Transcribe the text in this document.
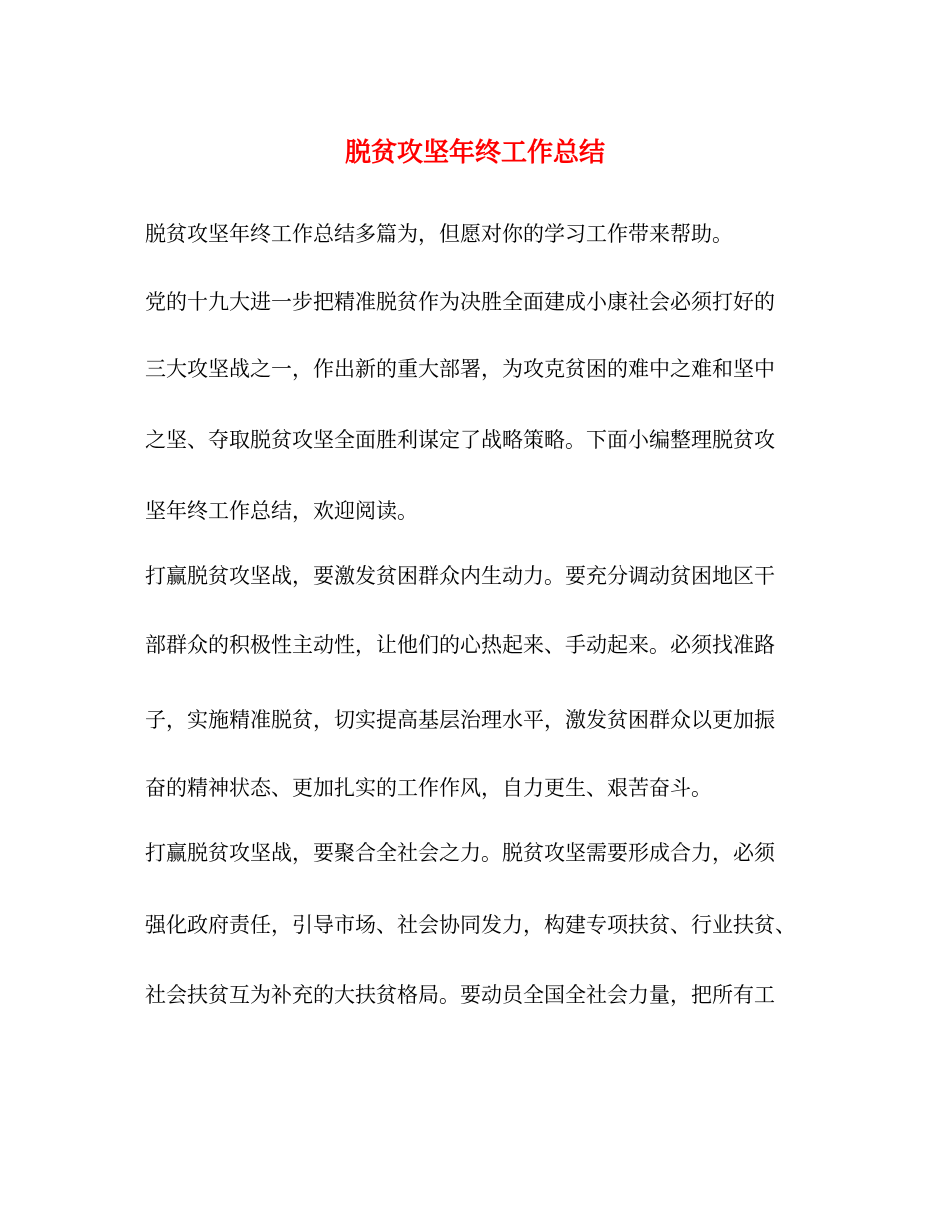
脱贫攻坚年终工作总结
脱贫攻坚年终工作总结多篇为，但愿对你的学习工作带来帮助。
党的十九大进一步把精准脱贫作为决胜全面建成小康社会必须打好的
三大攻坚战之一，作出新的重大部署，为攻克贫困的难中之难和坚中
之坚、夺取脱贫攻坚全面胜利谋定了战略策略。下面小编整理脱贫攻
坚年终工作总结，欢迎阅读。
打赢脱贫攻坚战，要激发贫困群众内生动力。要充分调动贫困地区干
部群众的积极性主动性，让他们的心热起来、手动起来。必须找准路
子，实施精准脱贫，切实提高基层治理水平，激发贫困群众以更加振
奋的精神状态、更加扎实的工作作风，自力更生、艰苦奋斗。
打赢脱贫攻坚战，要聚合全社会之力。脱贫攻坚需要形成合力，必须
强化政府责任，引导市场、社会协同发力，构建专项扶贫、行业扶贫、
社会扶贫互为补充的大扶贫格局。要动员全国全社会力量，把所有工
